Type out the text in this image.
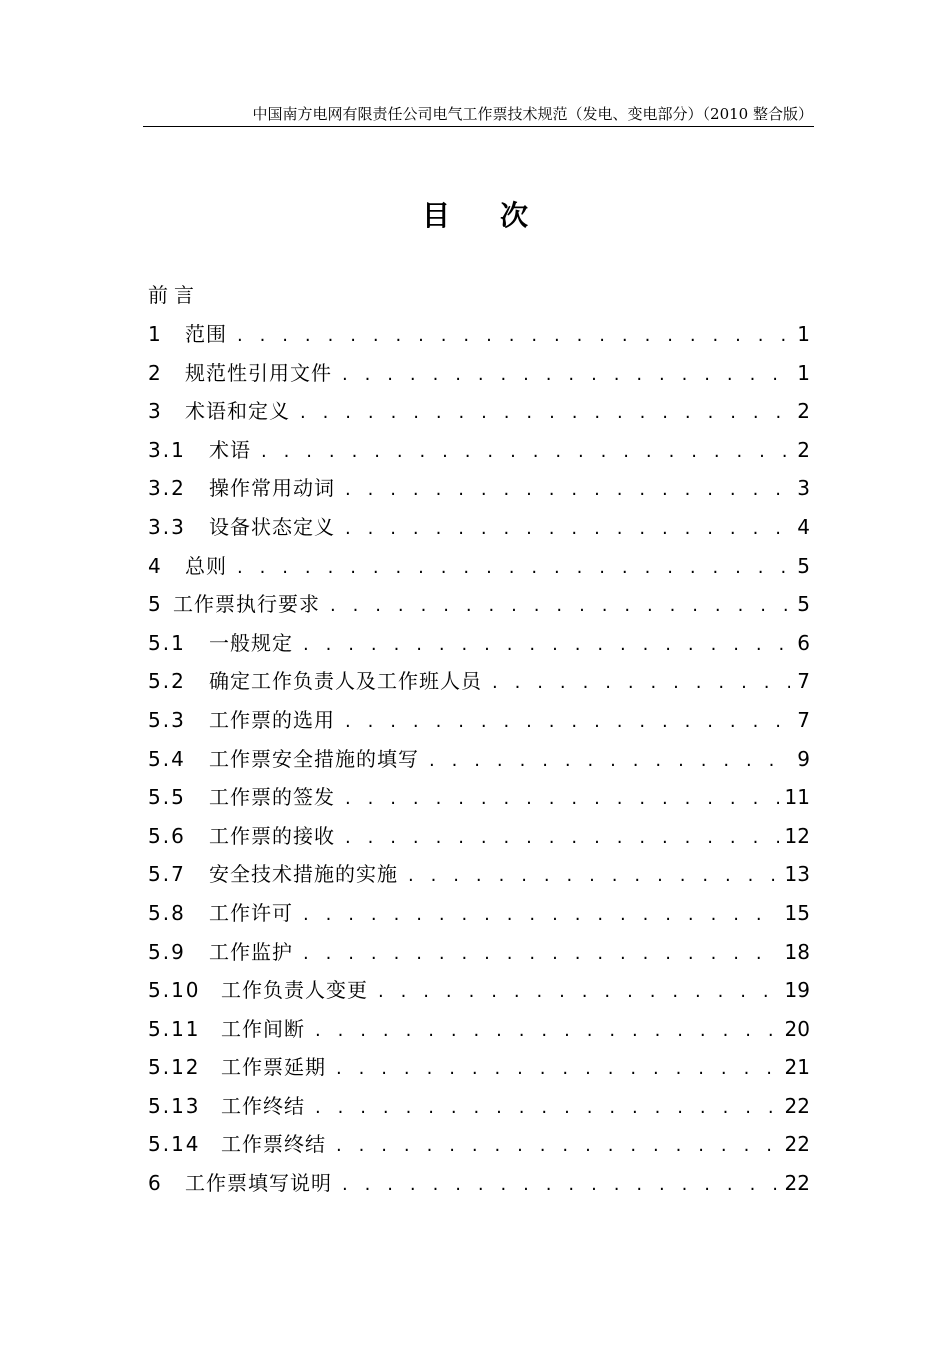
中国南方电网有限责任公司电气工作票技术规范（发电、变电部分）（2010 整合版）
目 次
前言
1	范围 . . .	1
2	规范性引用文件 . . .	1
3	术语和定义 . . .	2
3.1	术语 . . .	2
3.2	操作常用动词 . . .	3
3.3	设备状态定义 . . .	4
4	总则 . . .	5
5 工作票执行要求 . . .	5
5.1	一般规定 . . .	6
5.2	确定工作负责人及工作班人员 . . .	7
5.3	工作票的选用 . . .	7
5.4	工作票安全措施的填写 . . .	9
5.5	工作票的签发 . . .	11
5.6	工作票的接收 . . .	12
5.7	安全技术措施的实施 . . .	13
5.8	工作许可 . . .	15
5.9	工作监护 . . .	18
5.10	工作负责人变更 . . .	19
5.11	工作间断 . . .	20
5.12	工作票延期 . . .	21
5.13	工作终结 . . .	22
5.14	工作票终结 . . .	22
6	工作票填写说明 . . .	22
